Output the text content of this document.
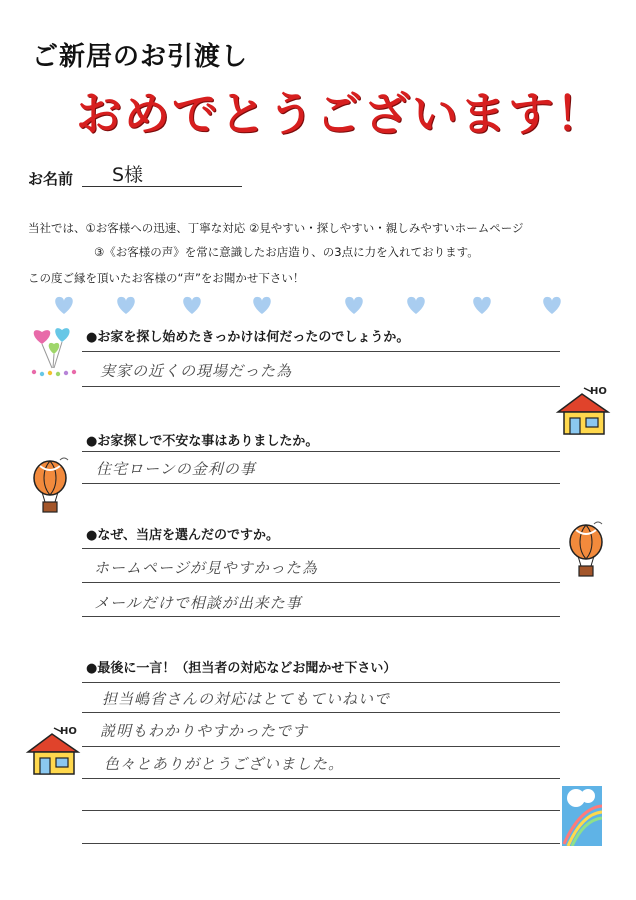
ご新居のお引渡し
おめでとうございます！
お名前 S様
当社では、①お客様への迅速、丁寧な対応 ②見やすい・探しやすい・親しみやすいホームページ
③《お客様の声》を常に意識したお店造り、の3点に力を入れております。
この度ご縁を頂いたお客様の“声”をお聞かせ下さい！
●お家を探し始めたきっかけは何だったのでしょうか。
実家の近くの現場だった為
●お家探しで不安な事はありましたか。
住宅ローンの金利の事
●なぜ、当店を選んだのですか。
ホームページが見やすかった為
メールだけで相談が出来た事
●最後に一言！（担当者の対応などお聞かせ下さい）
担当嶋省さんの対応はとてもていねいで
説明もわかりやすかったです
色々とありがとうございました。
HO
HO
